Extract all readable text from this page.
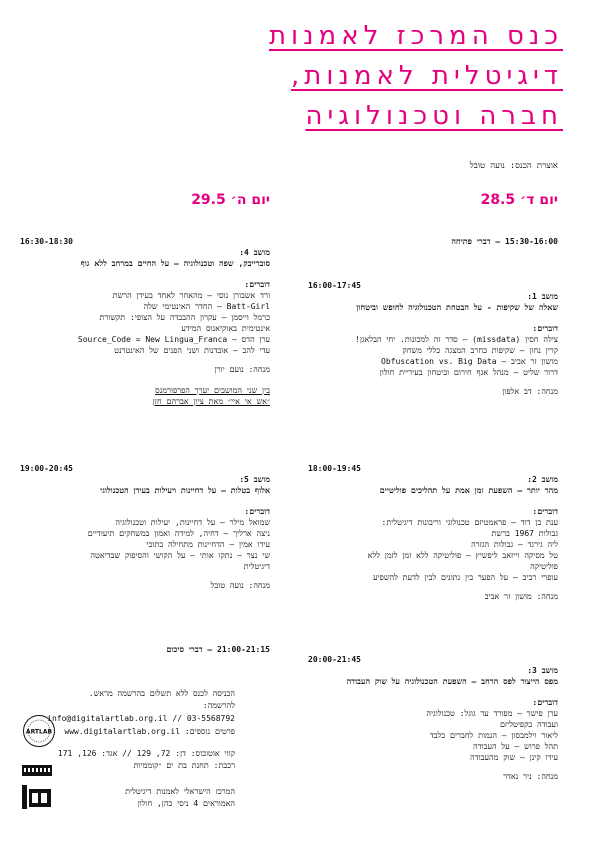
כנס המרכז לאמנות
דיגיטלית לאמנות,
חברה וטכנולוגיה
אוצרת הכנס: נועה טובל
יום ד׳ 28.5
יום ה׳ 29.5
15:30-16:00 – דברי פתיחה
16:00-17:45
מושב 1:
שאלה של שקיפות - על הבטחת הטכנולוגיה לחופש וביטחון
דוברים:
צילה חסין (missdata) – סדר זה למכונות. יחי הבלאגן!
קרין נחון – שקיפות כחרב המצגה כללי משחק
מושון זר אביב – Obfuscation vs. Big Data
דרור שליט – מנהל אגף חירום וביטחון בעיריית חולון
מנחה: דב אלפון
18:00-19:45
מושב 2:
מהר יותר – השפעת זמן אמת על תהליכים פוליטיים
דוברים:
ענת בן דוד – פראמטיזם טכנולוגי וריבונות דיגיטלית:
גבולות 1967 ברשת
ליה גירגד – גבולות הגזרה
טל מסיקה וייזאב ליפשיץ – פוליטיקה ללא זמן לזמן ללא
פוליטיקה
עופרי רביב – על הפער בין נתונים לבין לדעת להשפיע
מנחה: מושון זר אביב
20:00-21:45
מושב 3:
מפס הייצור לפס הרחב – השפעת הטכנולוגיה על שוק העבודה
דוברים:
ערן פישר – מפורד עד גוגל: טכנולוגיה
ועבודה בקפיטליזם
ליאור וילמבסון – הנמות לחברים בלבד
תהל פרוש – על העבודה
עידו קינן – שוק מהעבודה
מנחה: ניר נאדר
16:30-18:30
מושב 4:
סוברייבק, שפה וטכנולוגיה – על החיים במרחב ללא גוף
דוברים:
ורד אשבורן נוסי – מהאחר לאחד בעידן הרשת
Batt-Girl – החדר האינטימי שלה
כרמל וייסמן – עקרון ההבבדה על הצופי: תקשורת
אינטימית באוקיאנוס המידע
ערן הדס – Source_Code = New Lingua_Franca
עדי להב – אובדנות ושני הפנים של האינטרנט
מנחה: נועם יורן
בין שני המושבים יערך הפרפורמנס
״אש אי איי״ מאת ציון אברהם חזן
19:00-20:45
מושב 5:
אלוף בטלות – על דחיינות ויעילות בעידן הטכנולוגי
דוברים:
שמואל מילר – על דחיינות, יעילות וטכנולוגיה
ניצה ארליך – דחיה, למידה ואמון במשחקים תיעודיים
עידו אמין – הדחיינות מתחילה בתוכי
שי נצר – נתקו אותי – על הקושי והסיפוק שבדיאטה
דיגיטלית
מנחה: נועה טובל
21:00-21:15 – דברי סיכום
הכניסה לכנס ללא תשלום בהרשמה מראש.
להרשמה:
info@digitalartlab.org.il // 03-5568792
פרטים נוספים: www.digitalartlab.org.il
קווי אוטובוס: דן: 72, 129 // אגד: 126, 171
רכבת: תחנת בת ים ״קוממיות
המרכז הישראלי לאמנות דיגיטלית
האמוראים 4 ניסי כהן, חולון
ARTLAB
